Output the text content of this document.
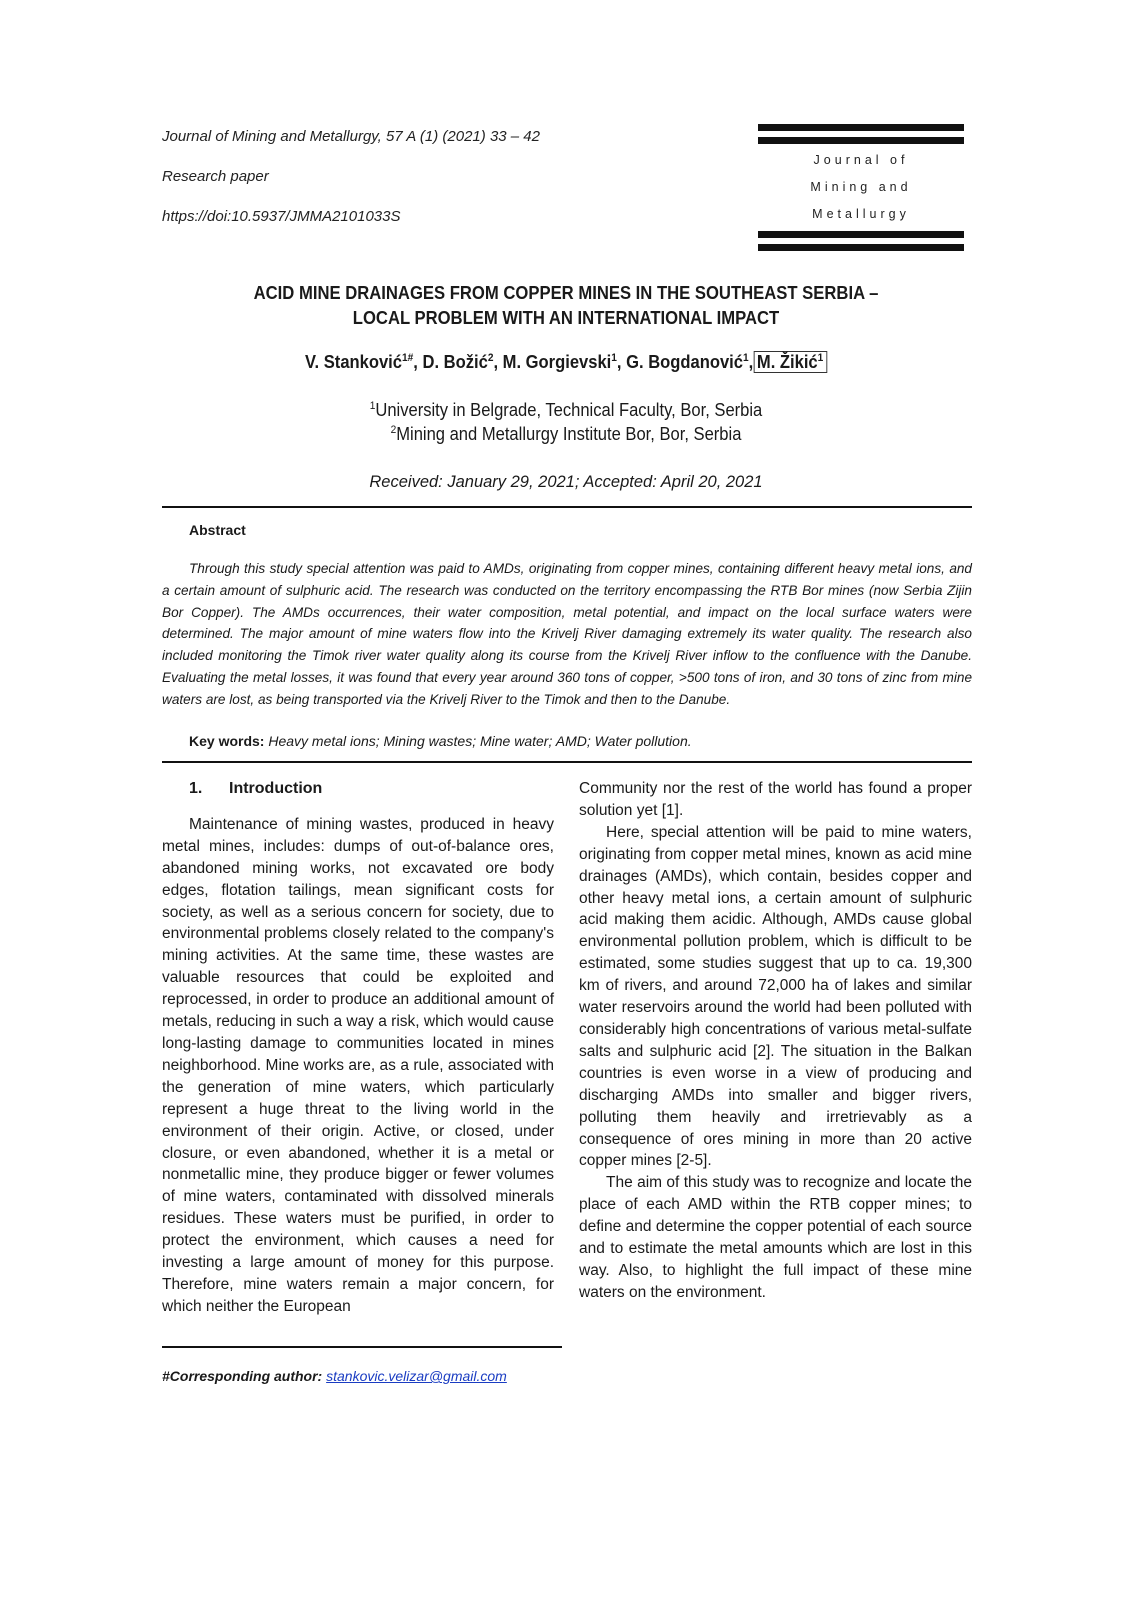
Journal of Mining and Metallurgy, 57 A (1) (2021) 33 – 42
Research paper
https://doi:10.5937/JMMA2101033S
Journal of
Mining and
Metallurgy
ACID MINE DRAINAGES FROM COPPER MINES IN THE SOUTHEAST SERBIA –
LOCAL PROBLEM WITH AN INTERNATIONAL IMPACT
V. Stanković$^{1\#}$, D. Božić$^2$, M. Gorgievski$^1$, G. Bogdanović$^1$, M. Žikić$^1$
$^1$University in Belgrade, Technical Faculty, Bor, Serbia
$^2$Mining and Metallurgy Institute Bor, Bor, Serbia
Received: January 29, 2021; Accepted: April 20, 2021
Abstract

Through this study special attention was paid to AMDs, originating from copper mines, containing different heavy metal ions, and a certain amount of sulphuric acid. The research was conducted on the territory encompassing the RTB Bor mines (now Serbia Zijin Bor Copper). The AMDs occurrences, their water composition, metal potential, and impact on the local surface waters were determined. The major amount of mine waters flow into the Krivelj River damaging extremely its water quality. The research also included monitoring the Timok river water quality along its course from the Krivelj River inflow to the confluence with the Danube. Evaluating the metal losses, it was found that every year around 360 tons of copper, >500 tons of iron, and 30 tons of zinc from mine waters are lost, as being transported via the Krivelj River to the Timok and then to the Danube.

Key words: Heavy metal ions; Mining wastes; Mine water; AMD; Water pollution.
1. Introduction

Maintenance of mining wastes, produced in heavy metal mines, includes: dumps of out-of-balance ores, abandoned mining works, not excavated ore body edges, flotation tailings, mean significant costs for society, as well as a serious concern for society, due to environmental problems closely related to the company's mining activities. At the same time, these wastes are valuable resources that could be exploited and reprocessed, in order to produce an additional amount of metals, reducing in such a way a risk, which would cause long-lasting damage to communities located in mines neighborhood. Mine works are, as a rule, associated with the generation of mine waters, which particularly represent a huge threat to the living world in the environment of their origin. Active, or closed, under closure, or even abandoned, whether it is a metal or nonmetallic mine, they produce bigger or fewer volumes of mine waters, contaminated with dissolved minerals residues. These waters must be purified, in order to protect the environment, which causes a need for investing a large amount of money for this purpose. Therefore, mine waters remain a major concern, for which neither the European

Community nor the rest of the world has found a proper solution yet [1].

Here, special attention will be paid to mine waters, originating from copper metal mines, known as acid mine drainages (AMDs), which contain, besides copper and other heavy metal ions, a certain amount of sulphuric acid making them acidic. Although, AMDs cause global environmental pollution problem, which is difficult to be estimated, some studies suggest that up to ca. 19,300 km of rivers, and around 72,000 ha of lakes and similar water reservoirs around the world had been polluted with considerably high concentrations of various metal-sulfate salts and sulphuric acid [2]. The situation in the Balkan countries is even worse in a view of producing and discharging AMDs into smaller and bigger rivers, polluting them heavily and irretrievably as a consequence of ores mining in more than 20 active copper mines [2-5].

The aim of this study was to recognize and locate the place of each AMD within the RTB copper mines; to define and determine the copper potential of each source and to estimate the metal amounts which are lost in this way. Also, to highlight the full impact of these mine waters on the environment.

#Corresponding author: stankovic.velizar@gmail.com
